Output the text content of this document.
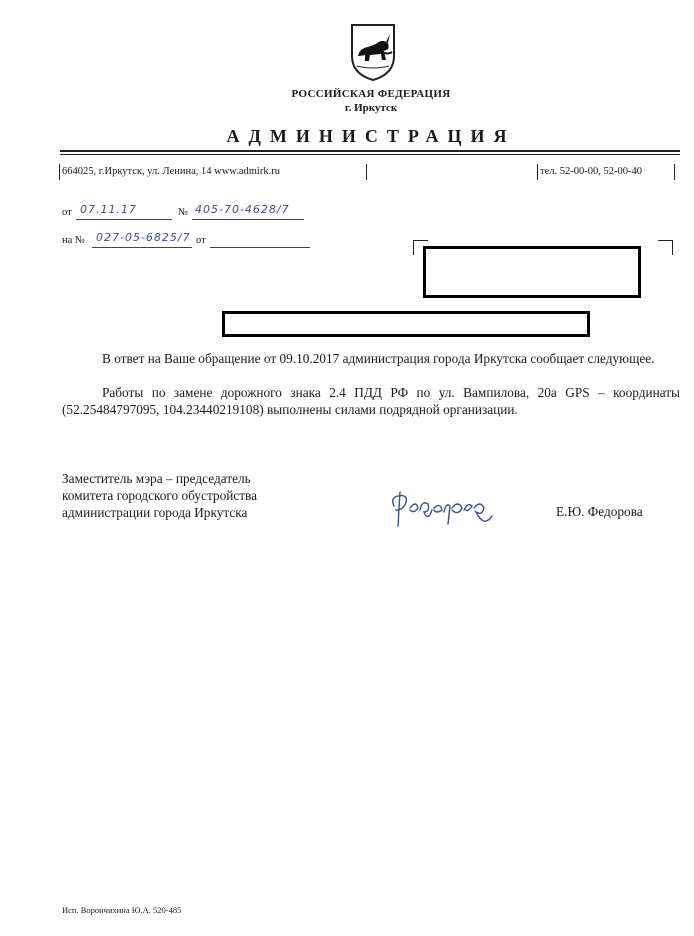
РОССИЙСКАЯ ФЕДЕРАЦИЯ
г. Иркутск
АДМИНИСТРАЦИЯ
664025, г.Иркутск, ул. Ленина, 14 www.admirk.ru	тел. 52-00-00, 52-00-40
от 07.11.17	№ 405-70-4628/7
на № 027-05-6825/7 от
В ответ на Ваше обращение от 09.10.2017 администрация города Иркутска сообщает следующее.
Работы по замене дорожного знака 2.4 ПДД РФ по ул. Вампилова, 20а GPS – координаты (52.25484797095, 104.23440219108) выполнены силами подрядной организации.
Заместитель мэра – председатель
комитета городского обустройства
администрации города Иркутска	Е.Ю. Федорова
Исп. Ворончихина Ю.А. 520-485
